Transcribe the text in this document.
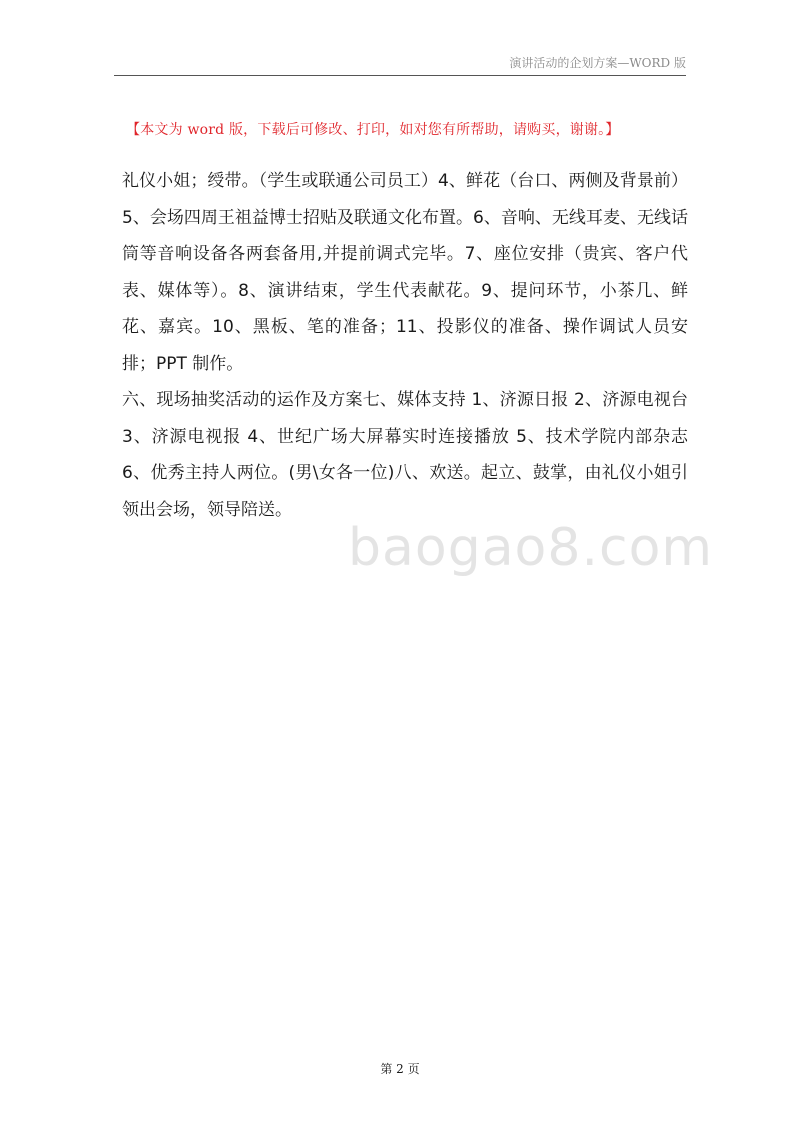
演讲活动的企划方案—WORD 版
【本文为 word 版，下载后可修改、打印，如对您有所帮助，请购买，谢谢。】

礼仪小姐；绶带。（学生或联通公司员工）4、鲜花（台口、两侧及背景前）5、会场四周王祖益博士招贴及联通文化布置。6、音响、无线耳麦、无线话筒等音响设备各两套备用,并提前调式完毕。7、座位安排（贵宾、客户代表、媒体等）。8、演讲结束，学生代表献花。9、提问环节，小茶几、鲜花、嘉宾。10、黑板、笔的准备；11、投影仪的准备、操作调试人员安排；PPT 制作。

六、现场抽奖活动的运作及方案七、媒体支持 1、济源日报 2、济源电视台 3、济源电视报 4、世纪广场大屏幕实时连接播放 5、技术学院内部杂志 6、优秀主持人两位。(男\女各一位)八、欢送。起立、鼓掌，由礼仪小姐引领出会场，领导陪送。

baogao8.com
第 2 页
